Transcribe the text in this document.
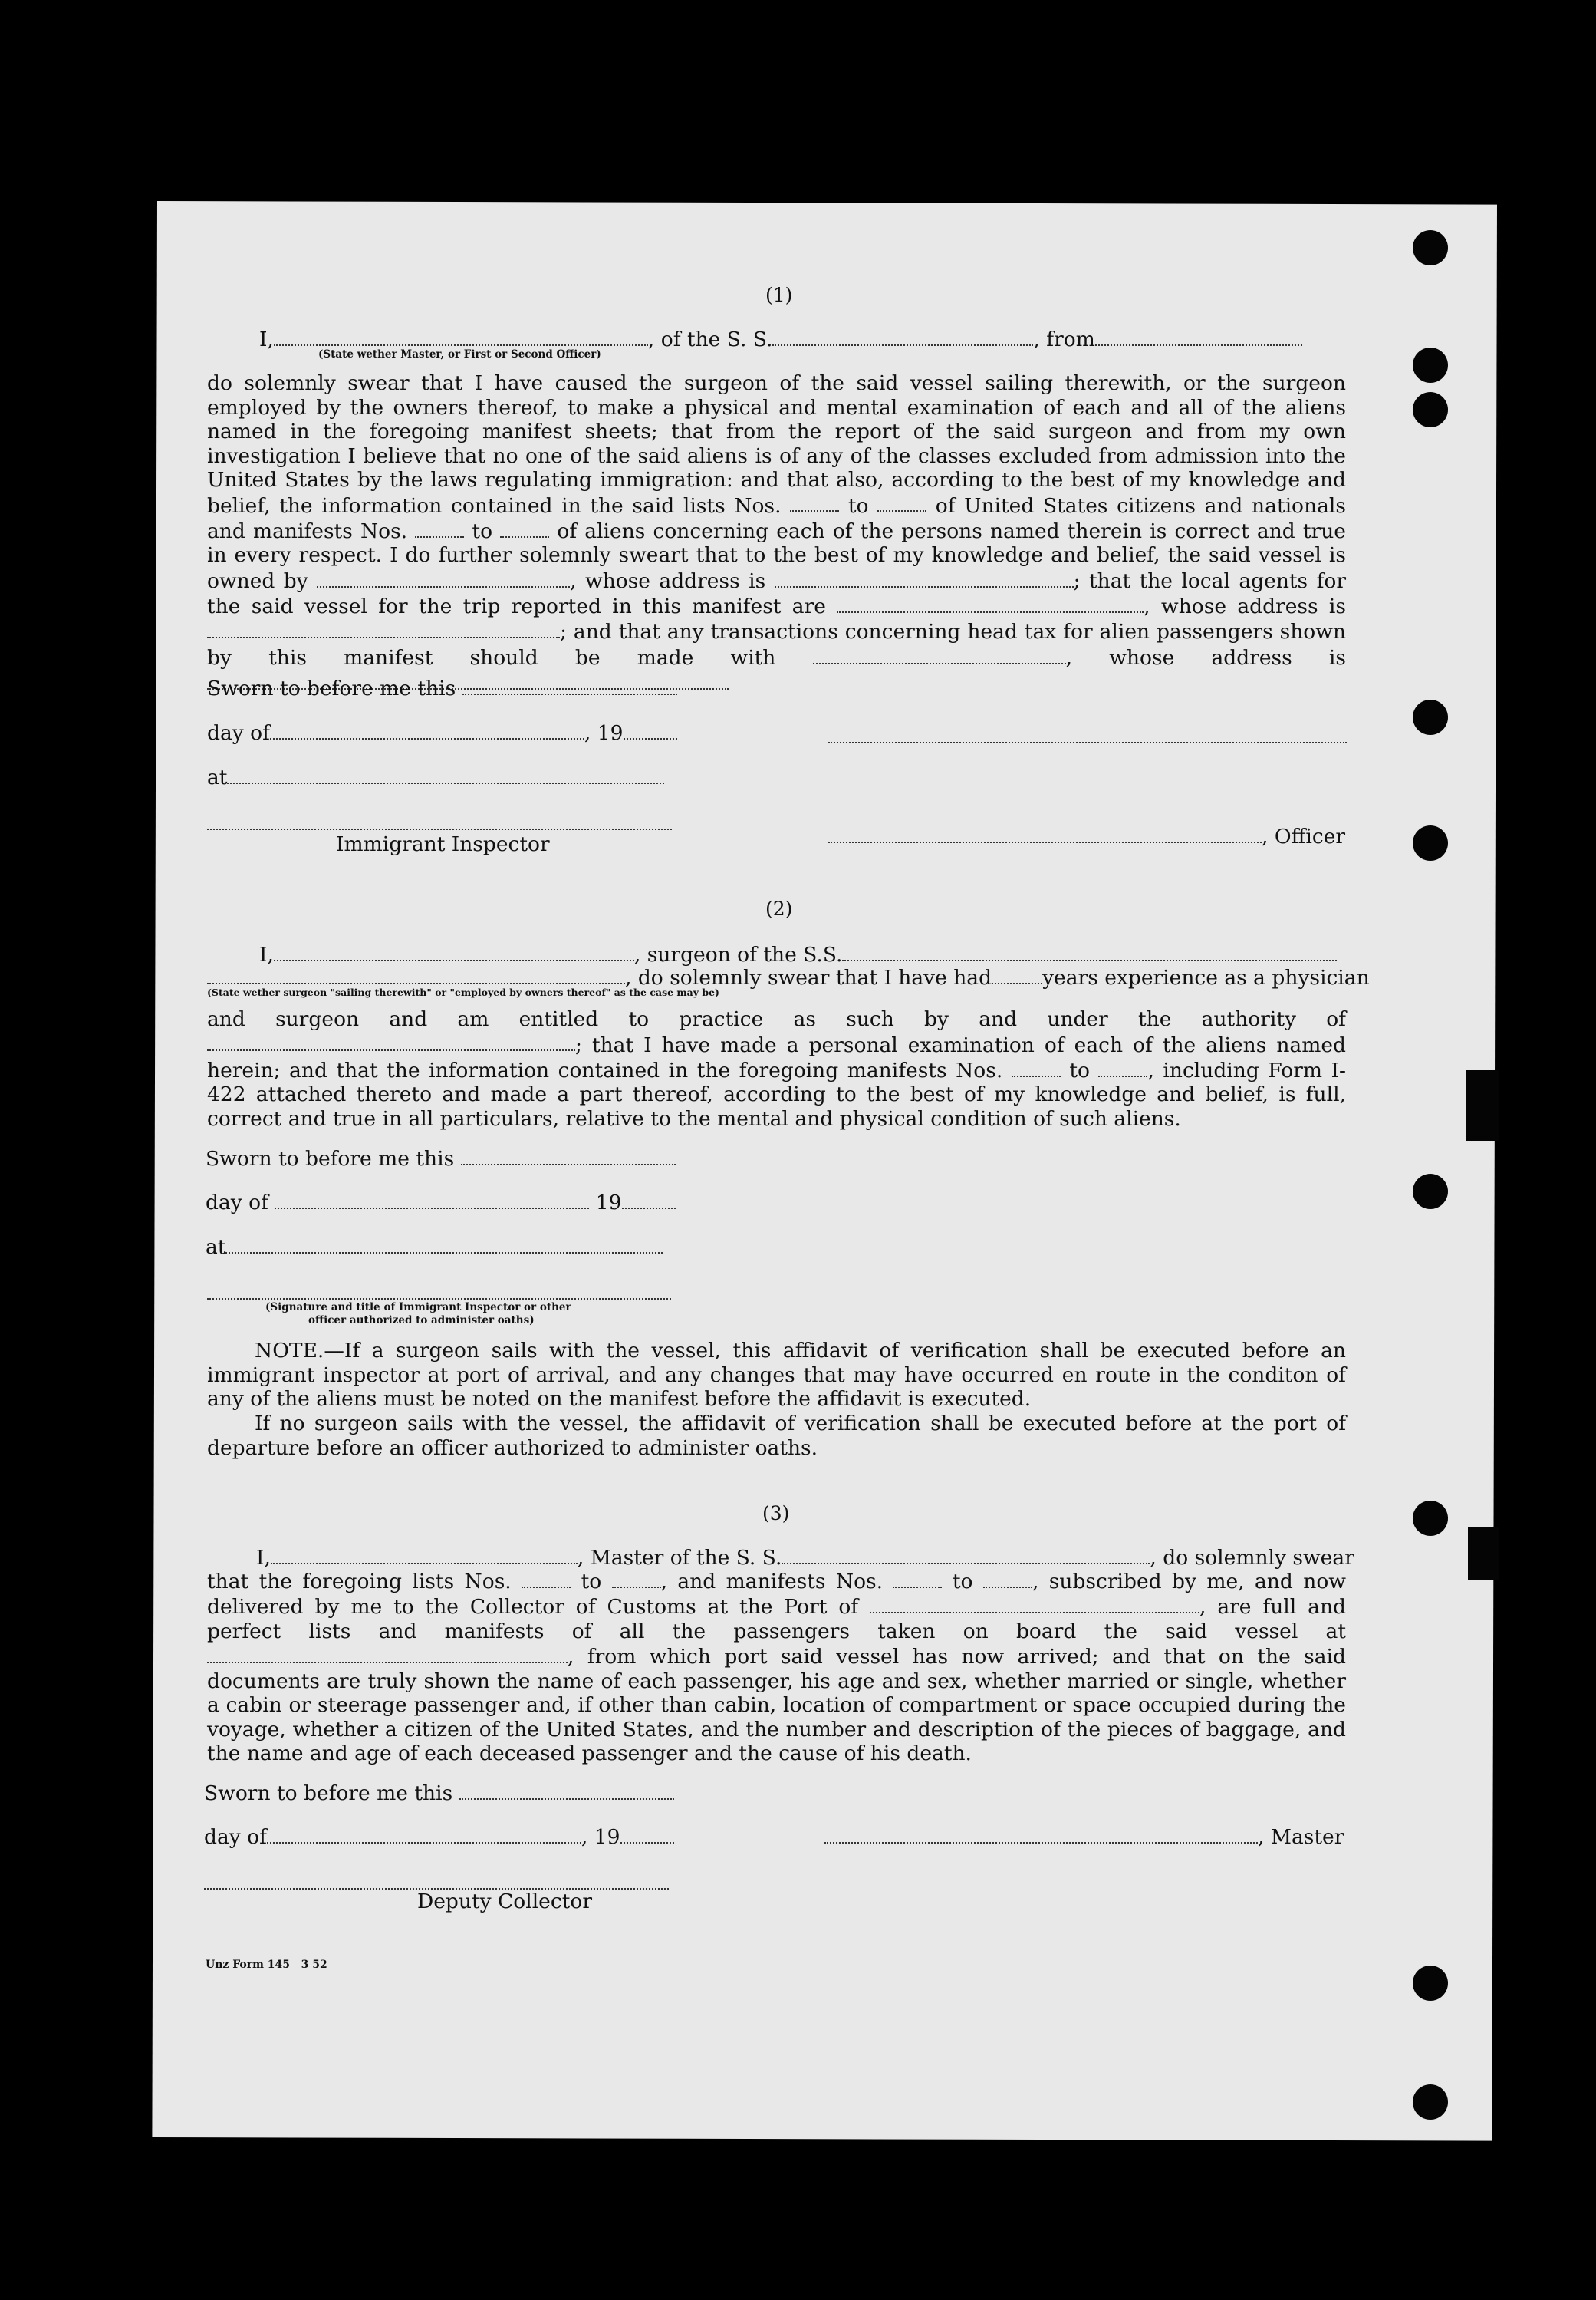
(1)

I,	, of the S. S.	, from

(State wether Master, or First or Second Officer)

do solemnly swear that I have caused the surgeon of the said vessel sailing therewith, or the surgeon employed by the owners thereof, to make a physical and mental examination of each and all of the aliens named in the foregoing manifest sheets; that from the report of the said surgeon and from my own investigation I believe that no one of the said aliens is of any of the classes excluded from admission into the United States by the laws regulating immigration: and that also, according to the best of my knowledge and belief, the information contained in the said lists Nos.	to	of United States citizens and nationals and manifests Nos.	to	of aliens concerning each of the persons named therein is correct and true in every respect. I do further solemnly sweart that to the best of my knowledge and belief, the said vessel is owned by	, whose address is	; that the local agents for the said vessel for the trip reported in this manifest are	, whose address is ; and that any transactions concerning head tax for alien passengers shown by this manifest should be made with	, whose address is

Sworn to before me this

day of	, 19

at

Immigrant Inspector	, Officer

(2)

I,	, surgeon of the S.S.

, do solemnly swear that I have had years experience as a physician

(State wether surgeon "sailing therewith" or "employed by owners thereof" as the case may be)

and surgeon and am entitled to practice as such by and under the authority of ; that I have made a personal examination of each of the aliens named herein; and that the information contained in the foregoing manifests Nos.	to	, including Form I-422 attached thereto and made a part thereof, according to the best of my knowledge and belief, is full, correct and true in all particulars, relative to the mental and physical condition of such aliens.

Sworn to before me this

day of	19

at

(Signature and title of Immigrant Inspector or other
officer authorized to administer oaths)

NOTE.—If a surgeon sails with the vessel, this affidavit of verification shall be executed before an immigrant inspector at port of arrival, and any changes that may have occurred en route in the conditon of any of the aliens must be noted on the manifest before the affidavit is executed.

If no surgeon sails with the vessel, the affidavit of verification shall be executed before at the port of departure before an officer authorized to administer oaths.

(3)

I,	, Master of the S. S.	, do solemnly swear

that the foregoing lists Nos.	to	, and manifests Nos.	to	, subscribed by me, and now delivered by me to the Collector of Customs at the Port of	, are full and perfect lists and manifests of all the passengers taken on board the said vessel at , from which port said vessel has now arrived; and that on the said documents are truly shown the name of each passenger, his age and sex, whether married or single, whether a cabin or steerage passenger and, if other than cabin, location of compartment or space occupied during the voyage, whether a citizen of the United States, and the number and description of the pieces of baggage, and the name and age of each deceased passenger and the cause of his death.

Sworn to before me this

day of	, 19	, Master

Deputy Collector
Unz Form 145   3 52
